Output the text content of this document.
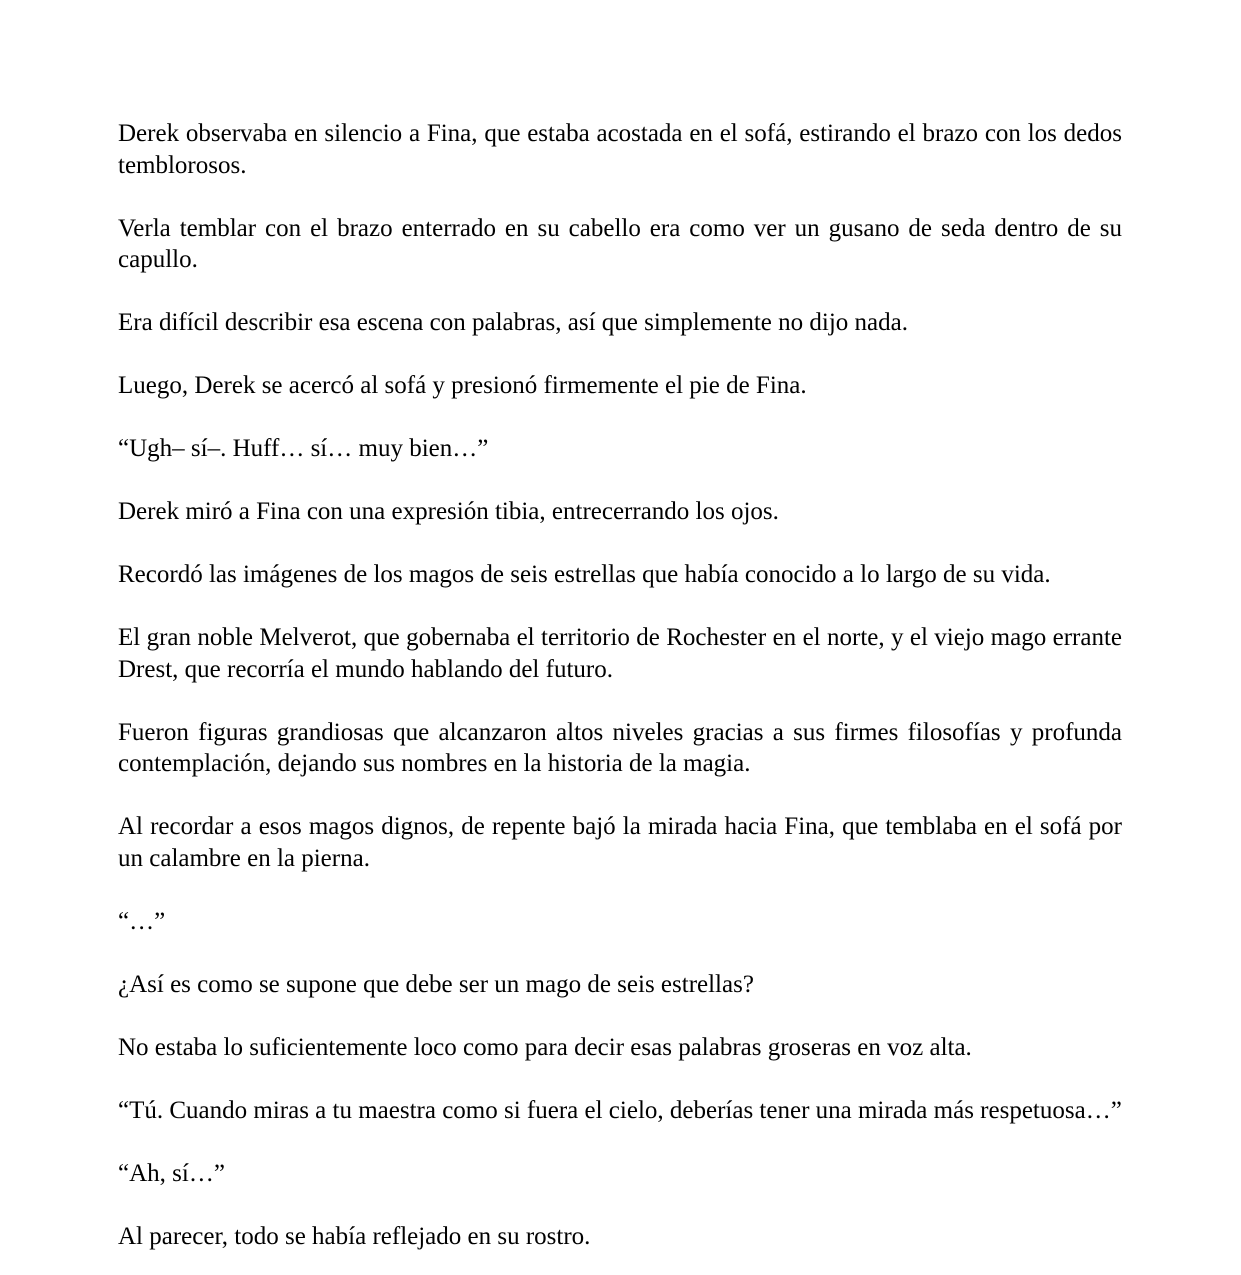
Derek observaba en silencio a Fina, que estaba acostada en el sofá, estirando el brazo con los dedos temblorosos.

Verla temblar con el brazo enterrado en su cabello era como ver un gusano de seda dentro de su capullo.

Era difícil describir esa escena con palabras, así que simplemente no dijo nada.

Luego, Derek se acercó al sofá y presionó firmemente el pie de Fina.

“Ugh– sí–. Huff… sí… muy bien…”

Derek miró a Fina con una expresión tibia, entrecerrando los ojos.

Recordó las imágenes de los magos de seis estrellas que había conocido a lo largo de su vida.

El gran noble Melverot, que gobernaba el territorio de Rochester en el norte, y el viejo mago errante Drest, que recorría el mundo hablando del futuro.

Fueron figuras grandiosas que alcanzaron altos niveles gracias a sus firmes filosofías y profunda contemplación, dejando sus nombres en la historia de la magia.

Al recordar a esos magos dignos, de repente bajó la mirada hacia Fina, que temblaba en el sofá por un calambre en la pierna.

“…”

¿Así es como se supone que debe ser un mago de seis estrellas?

No estaba lo suficientemente loco como para decir esas palabras groseras en voz alta.

“Tú. Cuando miras a tu maestra como si fuera el cielo, deberías tener una mirada más respetuosa…”

“Ah, sí…”

Al parecer, todo se había reflejado en su rostro.
